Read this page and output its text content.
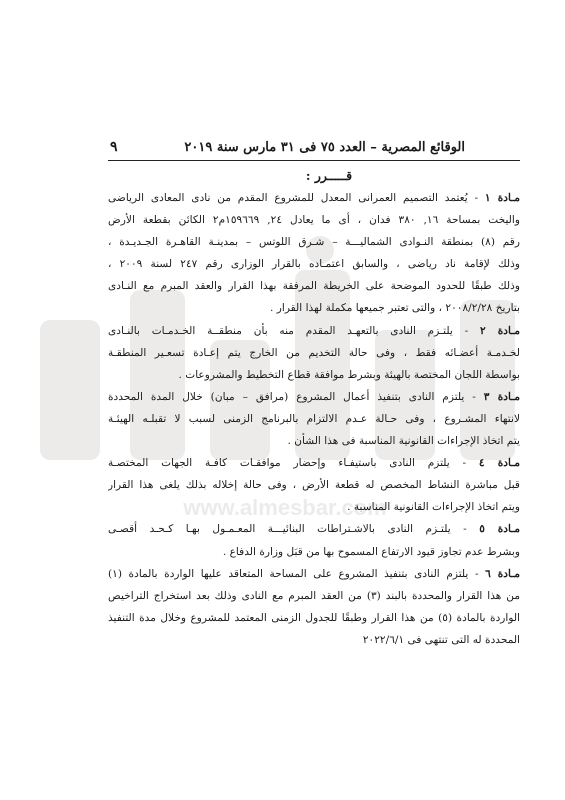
www.almesbar.com
الوقائع المصرية – العدد ٧٥ فى ٣١ مارس سنة ٢٠١٩
٩
قـــــرر :
مـادة ١ - يُعتمد التصميم العمرانى المعدل للمشروع المقدم من نادى المعادى الرياضى
واليخت بمساحة ١٦, ٣٨٠ فدان ، أى ما يعادل ٢٤, ١٥٩٦٦٩م٢ الكائن بقطعة الأرض
رقم (٨) بمنطقة النـوادى الشماليـــة – شـرق اللوتس – بمدينـة القاهـرة الجـديـدة ،
وذلك لإقامة ناد رياضى ، والسابق اعتمـاده بالقرار الوزارى رقم ٢٤٧ لسنة ٢٠٠٩ ،
وذلك طبقًا للحدود الموضحة على الخريطة المرفقة بهذا القرار والعقد المبرم مع النـادى
بتاريخ ٢٠٠٨/٢/٢٨ ، والتى تعتبر جميعها مكملة لهذا القرار .
مـادة ٢ - يلتـزم النادى بالتعهـد المقدم منه بأن منطقــة الخـدمـات بالنـادى
لخـدمـة أعضـائه فقط ، وفى حالة التخديم من الخارج يتم إعـادة تسعـير المنطقـة
بواسطة اللجان المختصة بالهيئة وبشرط موافقة قطاع التخطيط والمشروعات .
مـادة ٣ - يلتزم النادى بتنفيذ أعمال المشروع (مرافق – مبان) خلال المدة المحددة
لانتهاء المشـروع ، وفى حـالة عـدم الالتزام بالبرنامج الزمنى لسبب لا تقبلـه الهيئـة
يتم اتخاذ الإجراءات القانونية المناسبة فى هذا الشأن .
مـادة ٤ - يلتزم النادى باستيفـاء وإحضار موافقـات كافـة الجهات المختصـة
قبل مباشرة النشاط المخصص له قطعة الأرض ، وفى حالة إخلاله بذلك يلغى هذا القرار
ويتم اتخاذ الإجراءات القانونية المناسبة .
مـادة ٥ - يلتـزم النادى بالاشـتراطات البنائيـــة المعـمـول بهـا كـحـد أقصـى
وبشرط عدم تجاوز قيود الارتفاع المسموح بها من قبَل وزارة الدفاع .
مـادة ٦ - يلتزم النادى بتنفيذ المشروع على المساحة المتعاقد عليها الواردة بالمادة (١)
من هذا القرار والمحددة بالبند (٣) من العقد المبرم مع النادى وذلك بعد استخراج التراخيص
الواردة بالمادة (٥) من هذا القرار وطبقًا للجدول الزمنى المعتمد للمشروع وخلال مدة التنفيذ
المحددة له التى تنتهى فى ٢٠٢٢/٦/١
